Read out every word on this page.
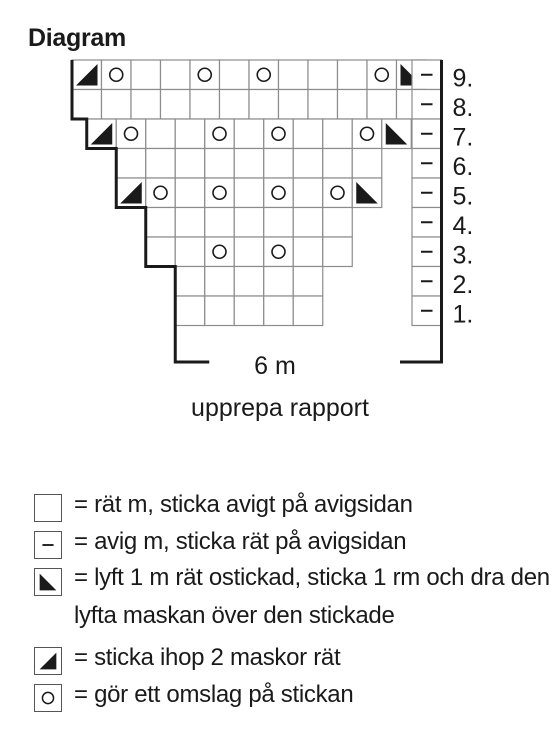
9.
8.
7.
6.
5.
4.
3.
2.
1.
Diagram
6 m
upprepa rapport
= rät m, sticka avigt på avigsidan
= avig m, sticka rät på avigsidan
= lyft 1 m rät ostickad, sticka 1 rm och dra den lyfta maskan över den stickade
= sticka ihop 2 maskor rät
= gör ett omslag på stickan
